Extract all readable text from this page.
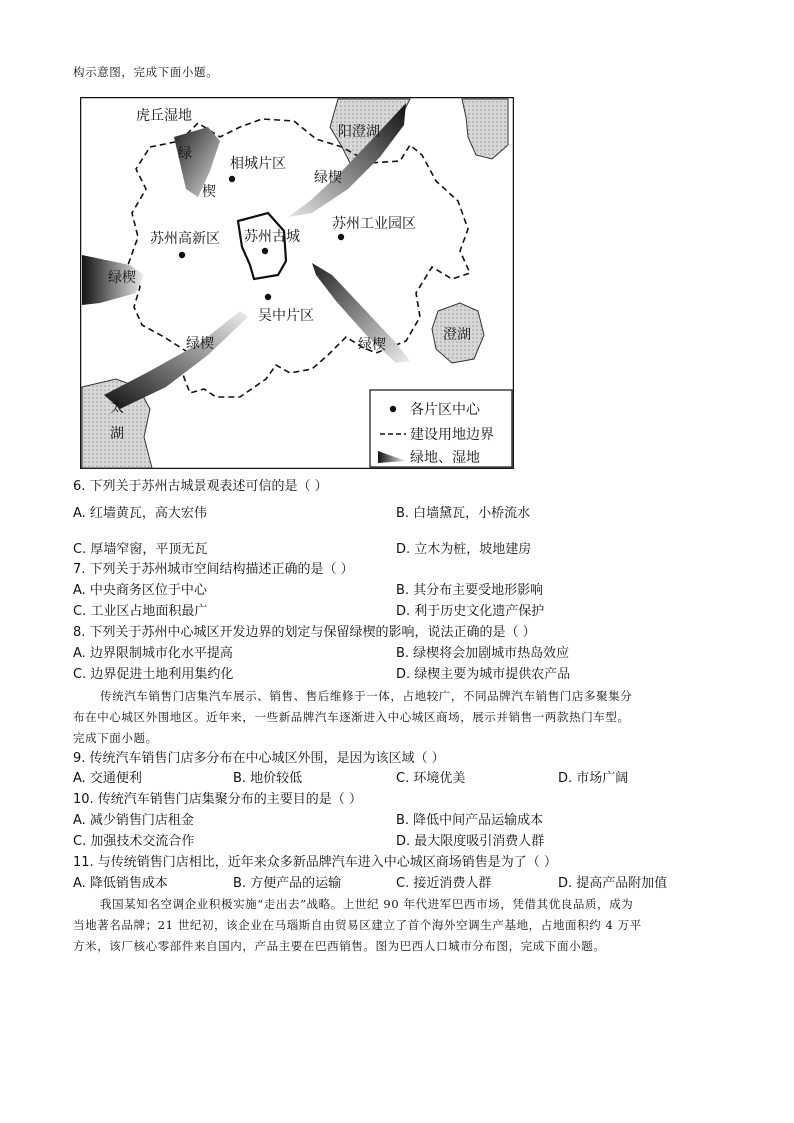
构示意图，完成下面小题。
虎丘湿地
阳澄湖
相城片区
苏州高新区 苏州古城
苏州工业园区
吴中片区
澄湖
太
湖
绿
楔
绿楔
绿楔
绿楔	绿楔
各片区中心
建设用地边界
绿地、湿地
6. 下列关于苏州古城景观表述可信的是（ ）
A. 红墙黄瓦，高大宏伟	B. 白墙黛瓦，小桥流水
C. 厚墙窄窗，平顶无瓦	D. 立木为桩，坡地建房
7. 下列关于苏州城市空间结构描述正确的是（ ）
A. 中央商务区位于中心	B. 其分布主要受地形影响
C. 工业区占地面积最广	D. 利于历史文化遗产保护
8. 下列关于苏州中心城区开发边界的划定与保留绿楔的影响，说法正确的是（ ）
A. 边界限制城市化水平提高	B. 绿楔将会加剧城市热岛效应
C. 边界促进土地利用集约化	D. 绿楔主要为城市提供农产品
传统汽车销售门店集汽车展示、销售、售后维修于一体，占地较广，不同品牌汽车销售门店多聚集分
布在中心城区外围地区。近年来，一些新品牌汽车逐渐进入中心城区商场，展示并销售一两款热门车型。
完成下面小题。
9. 传统汽车销售门店多分布在中心城区外围，是因为该区域（ ）
A. 交通便利	B. 地价较低	C. 环境优美	D. 市场广阔
10. 传统汽车销售门店集聚分布的主要目的是（ ）
A. 减少销售门店租金	B. 降低中间产品运输成本
C. 加强技术交流合作	D. 最大限度吸引消费人群
11. 与传统销售门店相比，近年来众多新品牌汽车进入中心城区商场销售是为了（ ）
A. 降低销售成本	B. 方便产品的运输	C. 接近消费人群	D. 提高产品附加值
我国某知名空调企业积极实施“走出去”战略。上世纪 90 年代进军巴西市场，凭借其优良品质，成为
当地著名品牌；21 世纪初，该企业在马瑙斯自由贸易区建立了首个海外空调生产基地，占地面积约 4 万平
方米，该厂核心零部件来自国内，产品主要在巴西销售。图为巴西人口城市分布图，完成下面小题。
